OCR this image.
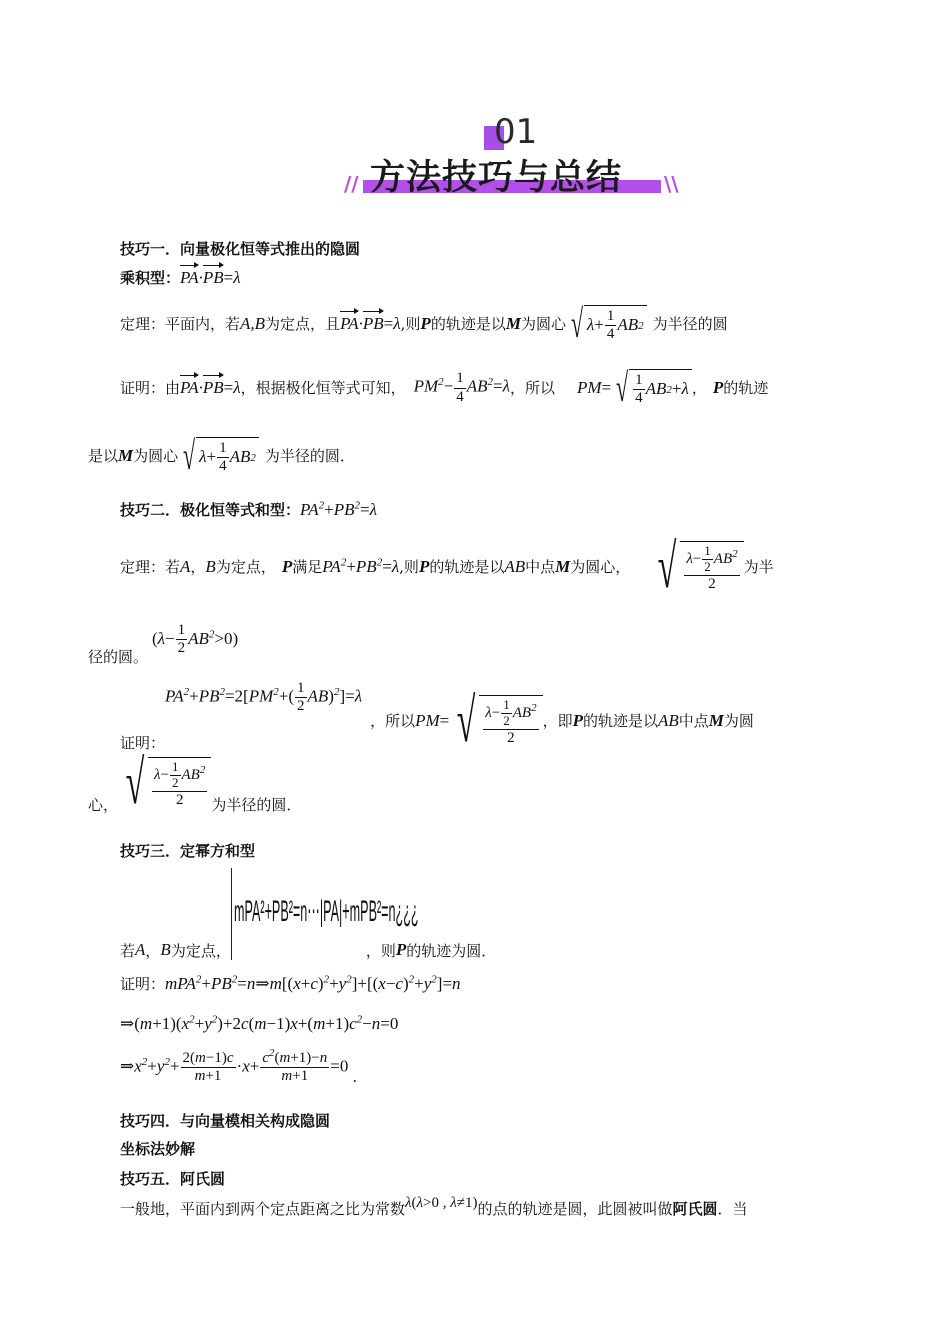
01
//	\\
方法技巧与总结
技巧一．向量极化恒等式推出的隐圆
乘积型：PA·PB=λ
定理：平面内，若 A,B 为定点，且 PA·PB=λ ,则 P 的轨迹是以 M 为圆心 √ $\lambda + \frac{1}{4}$ AB 2 为半径的圆
证明：由 PA·PB=λ ，根据极化恒等式可知， $PM^2- \frac{1}{4} AB^2=\lambda$ ，所以 PM= √ $\frac{1}{4}$ AB 2 + λ ， P 的轨迹
是以 M 为圆心 √ $\lambda + \frac{1}{4}$ AB 2 为半径的圆．
技巧二．极化恒等式和型：$PA^2+PB^2=\lambda$
定理：若 A ， B 为定点， P 满足 $PA^2+PB^2=\lambda$ ,则 P 的轨迹是以 AB 中点 M 为圆心， √ $\frac{\lambda- \frac{1}{2} AB^2}{2}$ 为半
$(\lambda- \frac{1}{2} AB^2>0)$
径的圆。
证明：
$PA^2+PB^2=2[PM^2+( \frac{1}{2} AB)^2]=\lambda$
，所以 PM= √ $\frac{\lambda- \frac{1}{2} AB^2}{2}$ ，即 P 的轨迹是以 AB 中点 M 为圆
心， √ $\frac{\lambda- \frac{1}{2} AB^2}{2}$ 为半径的圆．
技巧三．定幂方和型
若 A ， B 为定点，
mPA²+PB²=n⋯|PA|+mPB²=n¿¿¿
，则 P 的轨迹为圆．
证明：$mPA^2+PB^2=n\Rightarrow m[(x+c)^2+y^2]+[(x-c)^2+y^2]=n$
$\Rightarrow(m+1)(x^2+y^2)+2c(m-1)x+(m+1)c^2-n=0$
$\Rightarrow x^2+y^2+ \frac{2(m-1)c}{m+1} \cdot x+ \frac{c^2(m+1)-n}{m+1} =0$
.
技巧四．与向量模相关构成隐圆
坐标法妙解
技巧五．阿氏圆
一般地，平面内到两个定点距离之比为常数 λ(λ>0 , λ≠1) 的点的轨迹是圆，此圆被叫做 阿氏圆 ．当
